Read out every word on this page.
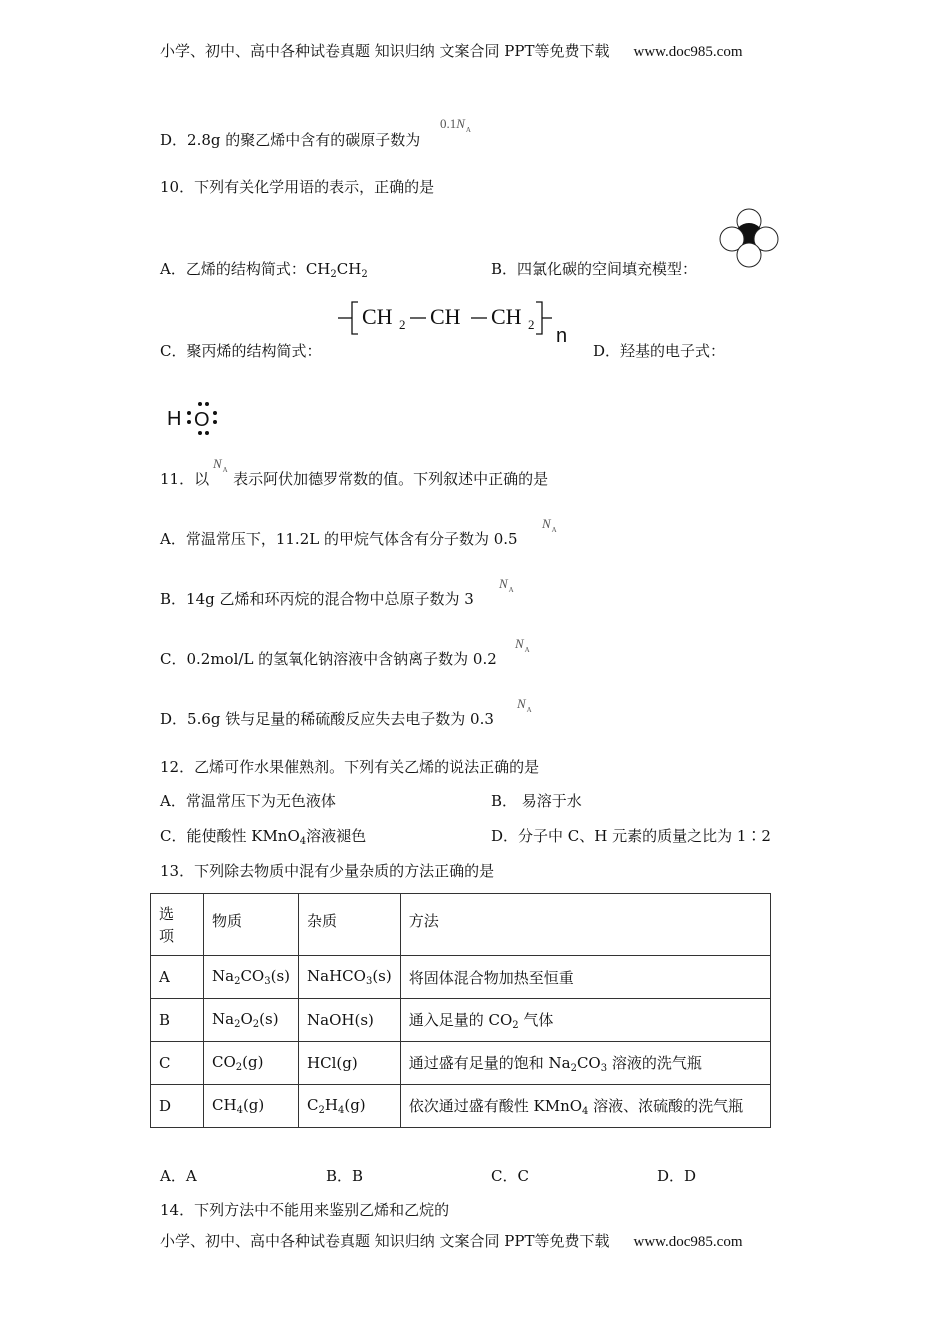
小学、初中、高中各种试卷真题 知识归纳 文案合同 PPT等免费下载 www.doc985.com
D．2.8g 的聚乙烯中含有的碳原子数为
$0.1N_A$
10．下列有关化学用语的表示，正确的是
A．乙烯的结构简式：$CH_2CH_2$	B．四氯化碳的空间填充模型：
CH 2 CH CH 2
n
C．聚丙烯的结构简式：	D．羟基的电子式：
H O
11．以 表示阿伏加德罗常数的值。下列叙述中正确的是
$N_A$
A．常温常压下，11.2L 的甲烷气体含有分子数为 0.5
$N_A$
B．14g 乙烯和环丙烷的混合物中总原子数为 3
$N_A$
C．0.2mol/L 的氢氧化钠溶液中含钠离子数为 0.2
$N_A$
D．5.6g 铁与足量的稀硫酸反应失去电子数为 0.3
$N_A$
12．乙烯可作水果催熟剂。下列有关乙烯的说法正确的是
A．常温常压下为无色液体	B． 易溶于水
C．能使酸性 KMnO$_4$溶液褪色	D．分子中 C、H 元素的质量之比为 1∶2
13．下列除去物质中混有少量杂质的方法正确的是
选项	物质	杂质	方法
A	$Na_2CO_3(s)$	NaHCO$_3$(s)	将固体混合物加热至恒重
B	$Na_2O_2(s)$	NaOH(s)	通入足量的 $CO_2$ 气体
C	$CO_2(g)$	HCl(g)	通过盛有足量的饱和 $Na_2CO_3$ 溶液的洗气瓶
D	$CH_4(g)$	$C_2H_4(g)$	依次通过盛有酸性 KMnO$_4$ 溶液、浓硫酸的洗气瓶
A．A	B．B	C．C	D．D
14．下列方法中不能用来鉴别乙烯和乙烷的
小学、初中、高中各种试卷真题 知识归纳 文案合同 PPT等免费下载 www.doc985.com
